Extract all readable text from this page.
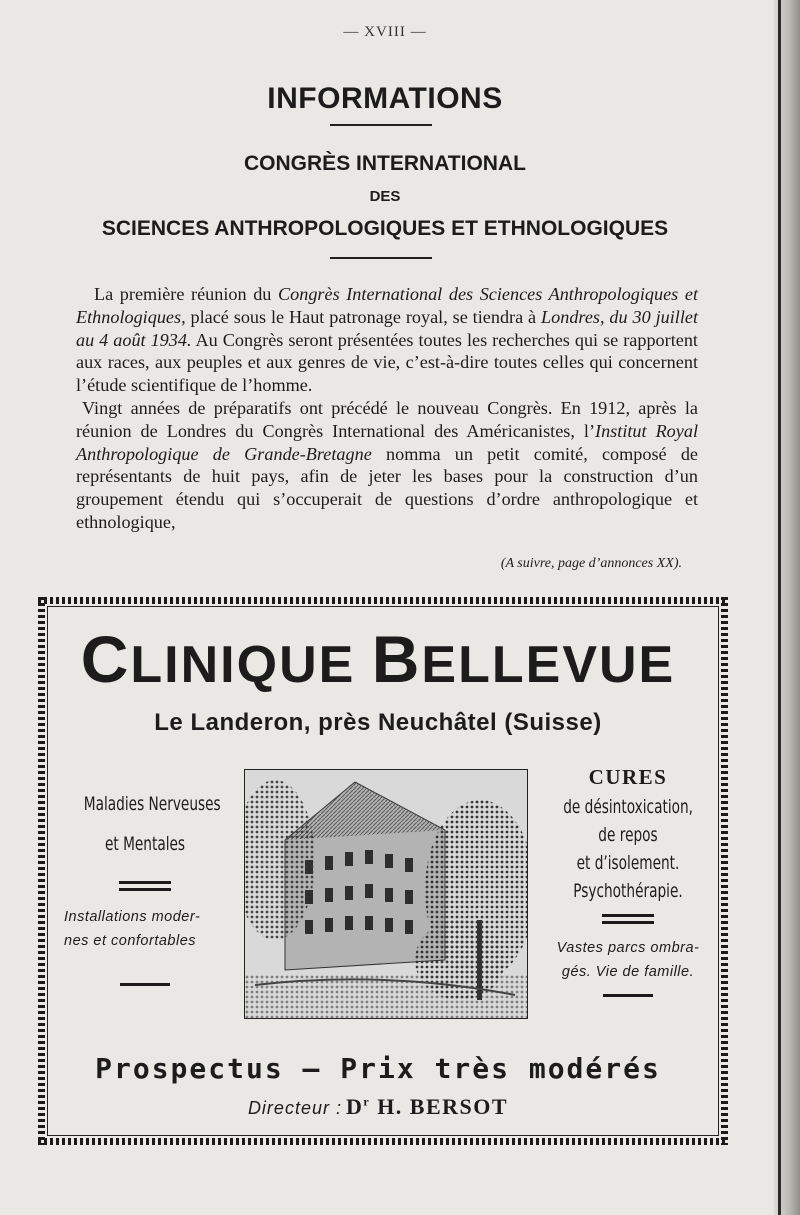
— XVIII —
INFORMATIONS
CONGRÈS INTERNATIONAL
DES
SCIENCES ANTHROPOLOGIQUES ET ETHNOLOGIQUES

La première réunion du Congrès International des Sciences Anthropologiques et Ethnologiques, placé sous le Haut patronage royal, se tiendra à Londres, du 30 juillet au 4 août 1934. Au Congrès seront présentées toutes les recherches qui se rapportent aux races, aux peuples et aux genres de vie, c’est-à-dire toutes celles qui concernent l’étude scientifique de l’homme.

Vingt années de préparatifs ont précédé le nouveau Congrès. En 1912, après la réunion de Londres du Congrès International des Américanistes, l’Institut Royal Anthropologique de Grande-Bretagne nomma un petit comité, composé de représentants de huit pays, afin de jeter les bases pour la construction d’un groupement étendu qui s’occuperait de questions d’ordre anthropologique et ethnologique,

(A suivre, page d’annonces XX).
CLINIQUE BELLEVUE
Le Landeron, près Neuchâtel (Suisse)
Maladies Nerveuses
et Mentales
Installations moder-
nes et confortables
CURES
de désintoxication,
de repos
et d’isolement.
Psychothérapie.
Vastes parcs ombra-
gés. Vie de famille.
Prospectus — Prix très modérés
Directeur : $D^r$ H. BERSOT
